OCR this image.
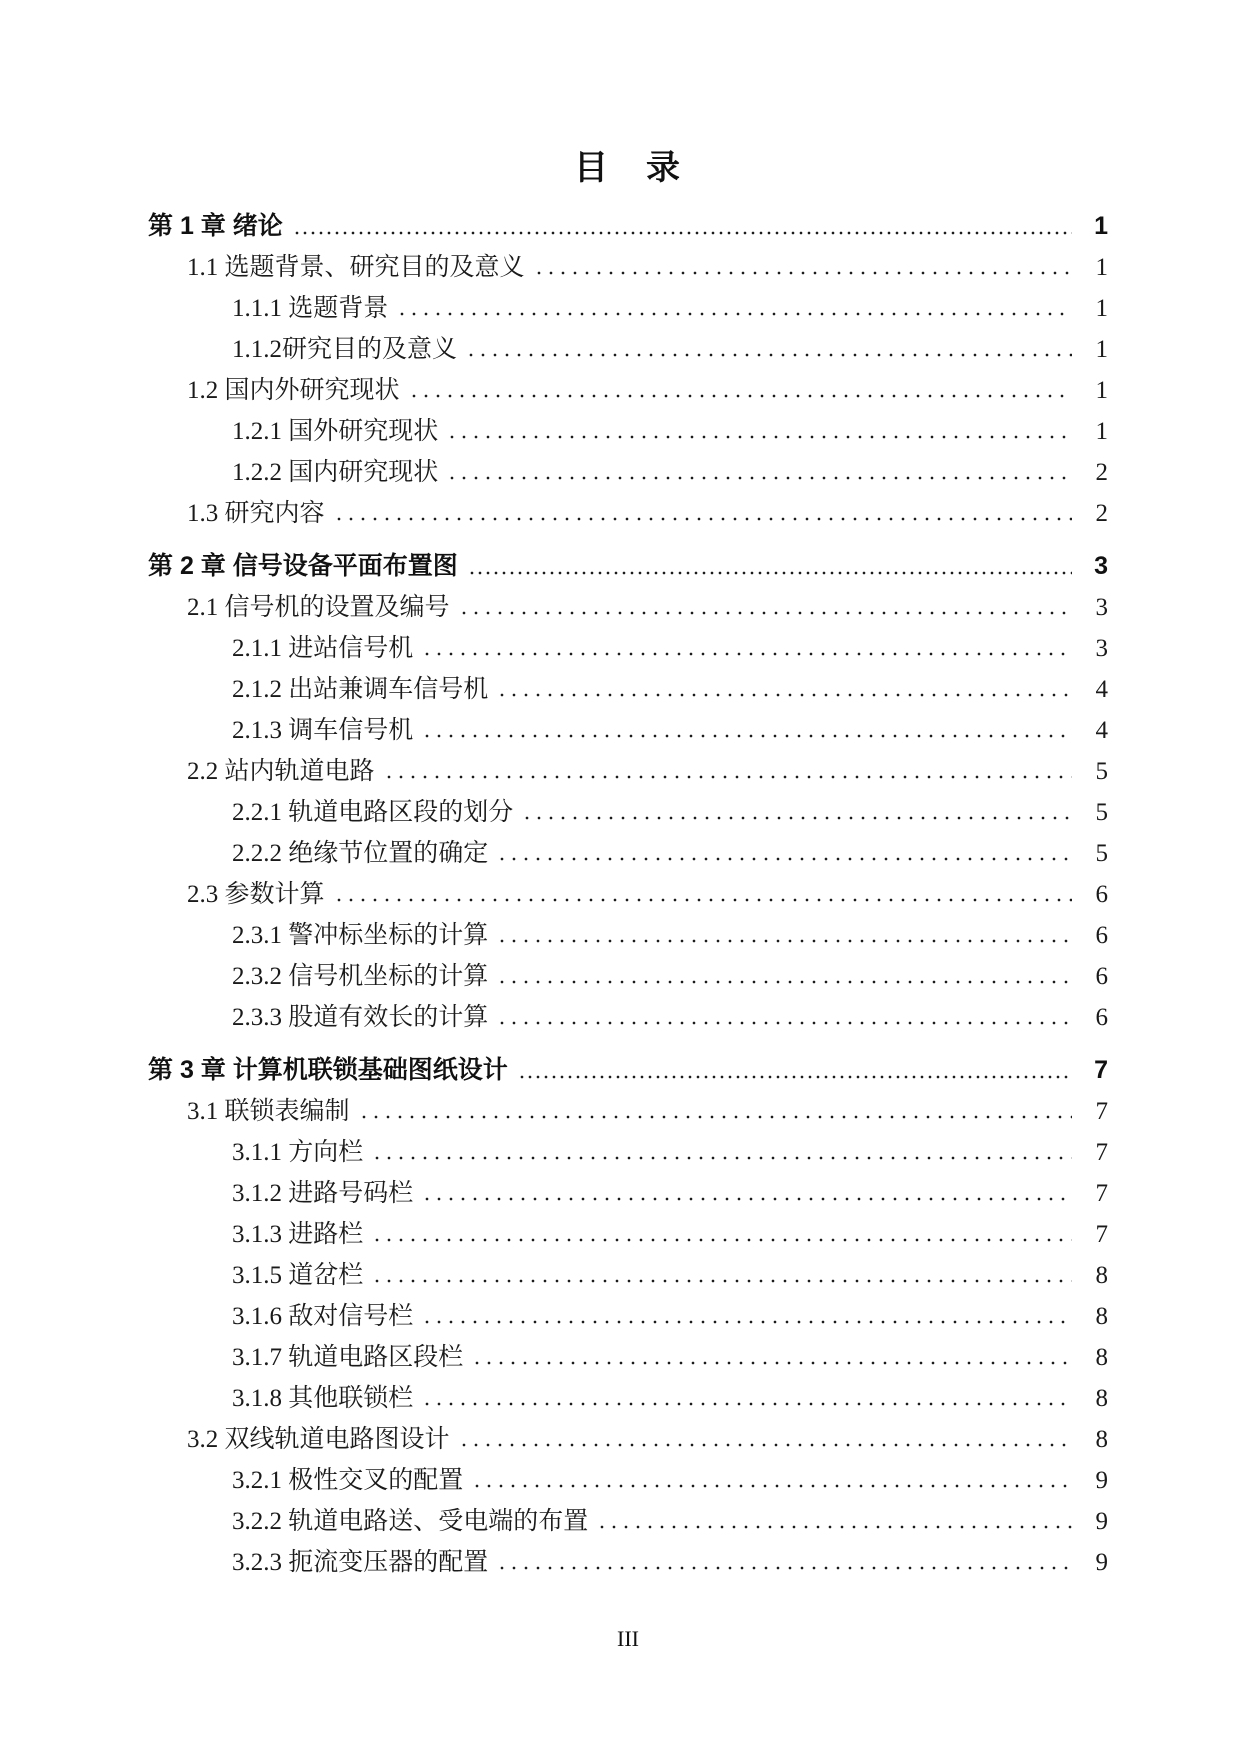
目　录
第 1 章 绪论	1
1.1 选题背景、研究目的及意义	1
1.1.1 选题背景	1
1.1.2研究目的及意义	1
1.2 国内外研究现状	1
1.2.1 国外研究现状	1
1.2.2 国内研究现状	2
1.3 研究内容	2
第 2 章 信号设备平面布置图	3
2.1 信号机的设置及编号	3
2.1.1 进站信号机	3
2.1.2 出站兼调车信号机	4
2.1.3 调车信号机	4
2.2 站内轨道电路	5
2.2.1 轨道电路区段的划分	5
2.2.2 绝缘节位置的确定	5
2.3 参数计算	6
2.3.1 警冲标坐标的计算	6
2.3.2 信号机坐标的计算	6
2.3.3 股道有效长的计算	6
第 3 章 计算机联锁基础图纸设计	7
3.1 联锁表编制	7
3.1.1 方向栏	7
3.1.2 进路号码栏	7
3.1.3 进路栏	7
3.1.5 道岔栏	8
3.1.6 敌对信号栏	8
3.1.7 轨道电路区段栏	8
3.1.8 其他联锁栏	8
3.2 双线轨道电路图设计	8
3.2.1 极性交叉的配置	9
3.2.2 轨道电路送、受电端的布置	9
3.2.3 扼流变压器的配置	9
III
